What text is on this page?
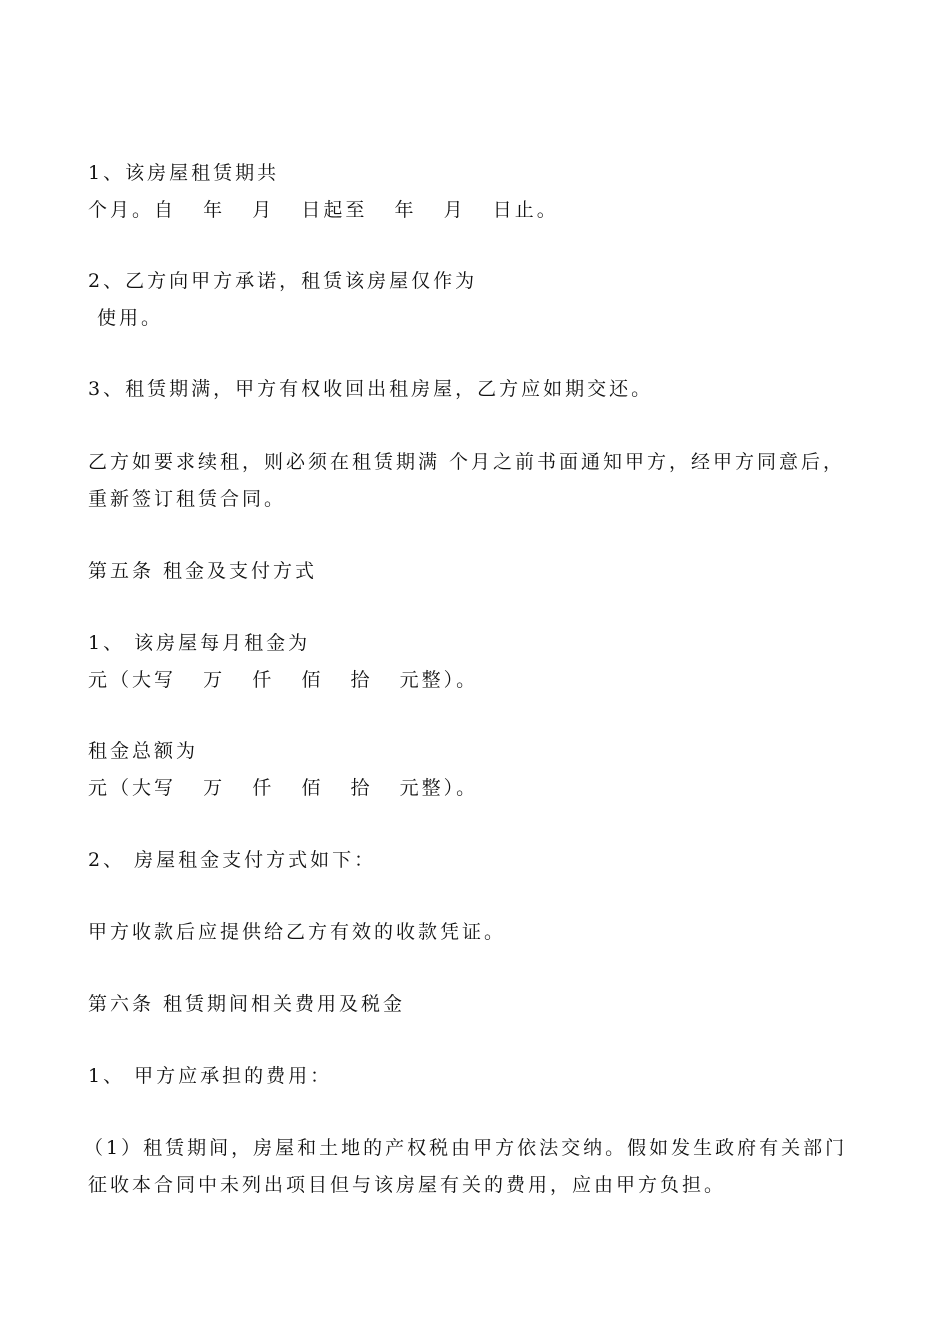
1、该房屋租赁期共
个月。自   年   月   日起至   年   月   日止。
2、乙方向甲方承诺，租赁该房屋仅作为
使用。
3、租赁期满，甲方有权收回出租房屋，乙方应如期交还。
乙方如要求续租，则必须在租赁期满 个月之前书面通知甲方，经甲方同意后，
重新签订租赁合同。
第五条 租金及支付方式
1、 该房屋每月租金为
元（大写   万   仟   佰   拾   元整）。
租金总额为
元（大写   万   仟   佰   拾   元整）。
2、 房屋租金支付方式如下：
甲方收款后应提供给乙方有效的收款凭证。
第六条 租赁期间相关费用及税金
1、 甲方应承担的费用：
（1）租赁期间，房屋和土地的产权税由甲方依法交纳。假如发生政府有关部门
征收本合同中未列出项目但与该房屋有关的费用，应由甲方负担。
